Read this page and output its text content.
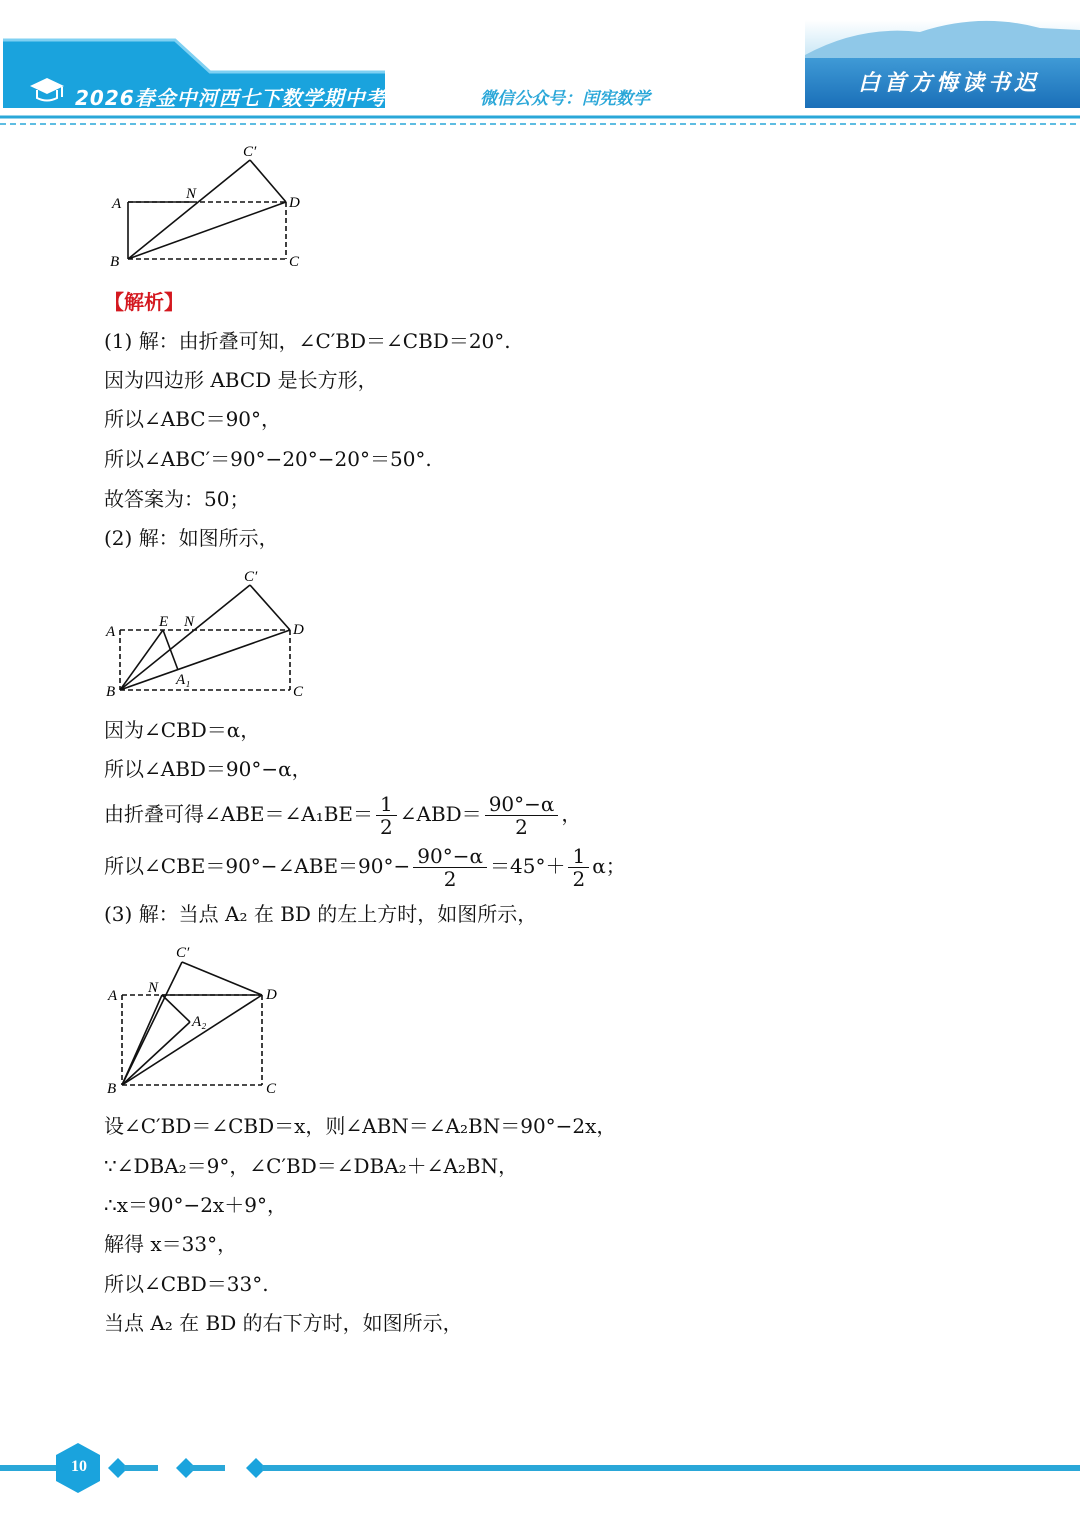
2026春金中河西七下数学期中考试	微信公众号：闰宪数学
白首方悔读书迟
A
B	C
D
N
C′
【解析】
(1) 解：由折叠可知，∠C′BD＝∠CBD＝20°.
因为四边形 ABCD 是长方形，
所以∠ABC＝90°，
所以∠ABC′＝90°−20°−20°＝50°.
故答案为：50；
(2) 解：如图所示，
A
B	C
D
E N
C′
A₁
因为∠CBD＝α，
所以∠ABD＝90°−α，
由折叠可得∠ABE＝∠A₁BE＝ $\frac{1}{2}$ ∠ABD＝ $\frac{90^\circ-\alpha}{2}$ ，
所以∠CBE＝90°−∠ABE＝90°− $\frac{90^\circ-\alpha}{2} =45^\circ+ \frac{1}{2}$ α；
(3) 解：当点 A₂ 在 BD 的左上方时，如图所示，
A
B	C
D
N
C′
A₂
设∠C′BD＝∠CBD＝x，则∠ABN＝∠A₂BN＝90°−2x，
∵∠DBA₂＝9°，∠C′BD＝∠DBA₂＋∠A₂BN，
∴x＝90°−2x＋9°，
解得 x＝33°，
所以∠CBD＝33°.
当点 A₂ 在 BD 的右下方时，如图所示，
10
